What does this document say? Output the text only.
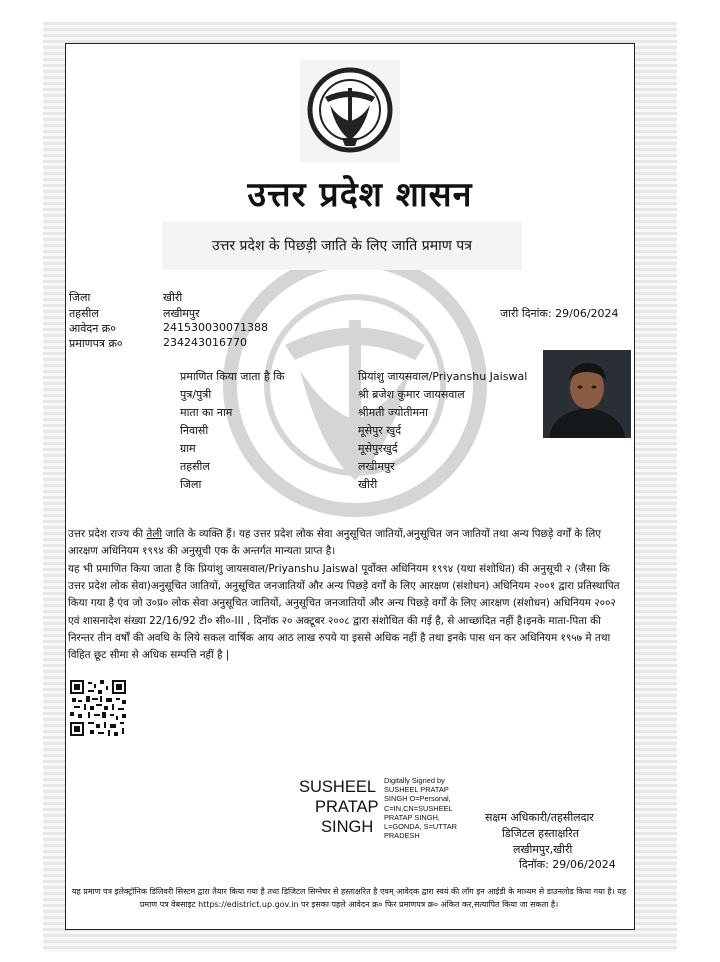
उत्तर प्रदेश शासन
उत्तर प्रदेश के पिछड़ी जाति के लिए जाति प्रमाण पत्र
जिला	खीरी
तहसील	लखीमपुर
आवेदन क्र०	241530030071388
प्रमाणपत्र क्र०	234243016770
जारी दिनांक: 29/06/2024
प्रमाणित किया जाता है कि	प्रियांशु जायसवाल/Priyanshu Jaiswal
पुत्र/पुत्री	श्री ब्रजेश कुमार जायसवाल
माता का नाम	श्रीमती ज्योतीमना
निवासी	मूसेपुर खुर्द
ग्राम	मूसेपुरखुर्द
तहसील	लखीमपुर
जिला	खीरी
उत्तर प्रदेश राज्य की तेली जाति के व्यक्ति हैं। यह उत्तर प्रदेश लोक सेवा अनुसूचित जातियों,अनुसूचित जन जातियों तथा अन्य पिछड़े वर्गों के लिए आरक्षण अधिनियम १९९४ की अनुसूची एक के अन्तर्गत मान्यता प्राप्त है।
यह भी प्रमाणित किया जाता है कि प्रियांशु जायसवाल/Priyanshu Jaiswal पूर्वोक्त अधिनियम १९९४ (यथा संशोधित) की अनुसूची २ (जैसा कि उत्तर प्रदेश लोक सेवा)अनुसूचित जातियों, अनुसूचित जनजातियों और अन्य पिछड़े वर्गों के लिए आरक्षण (संशोधन) अधिनियम २००१ द्वारा प्रतिस्थापित किया गया है एंव जो उ०प्र० लोक सेवा अनुसूचित जातियों, अनुसूचित जनजातियों और अन्य पिछड़े वर्गों के लिए आरक्षण (संशोधन) अधिनियम २००२ एवं शासनादेश संख्या 22/16/92 टी० सी०-III , दिनॉक २० अक्टूबर २००८ द्वारा संशोधित की गई है, से आच्छादित नहीं है।इनके माता-पिता की निरन्तर तीन वर्षों की अवधि के लिये सकल वार्षिक आय आठ लाख रुपये या इससे अधिक नहीं है तथा इनके पास धन कर अधिनियम १९५७ मे तथा विहित छूट सीमा से अधिक सम्पत्ति नहीं है |
SUSHEEL
PRATAP
SINGH
Digitally Signed by
SUSHEEL PRATAP
SINGH O=Personal,
C=IN,CN=SUSHEEL
PRATAP SINGH,
L=GONDA, S=UTTAR
PRADESH
सक्षम अधिकारी/तहसीलदार
डिजिटल हस्ताक्षरित
लखीमपुर,खीरी
दिनॉक: 29/06/2024
यह प्रमाण पत्र इलेक्ट्रॉनिक डिलिवरी सिस्टम द्वारा तैयार किया गया है तथा डिजिटल सिग्नेचर से हस्ताक्षरित है एवम् आवेदक द्वारा स्वयं की लॉग इन आईडी के माध्यम से डाउनलोड किया गया है। यह प्रमाण पत्र वेबसाइट https://edistrict.up.gov.in पर इसका पहले आवेदन क्र० फिर प्रमाणपत्र क्र० अंकित कर,सत्यापित किया जा सकता है।
